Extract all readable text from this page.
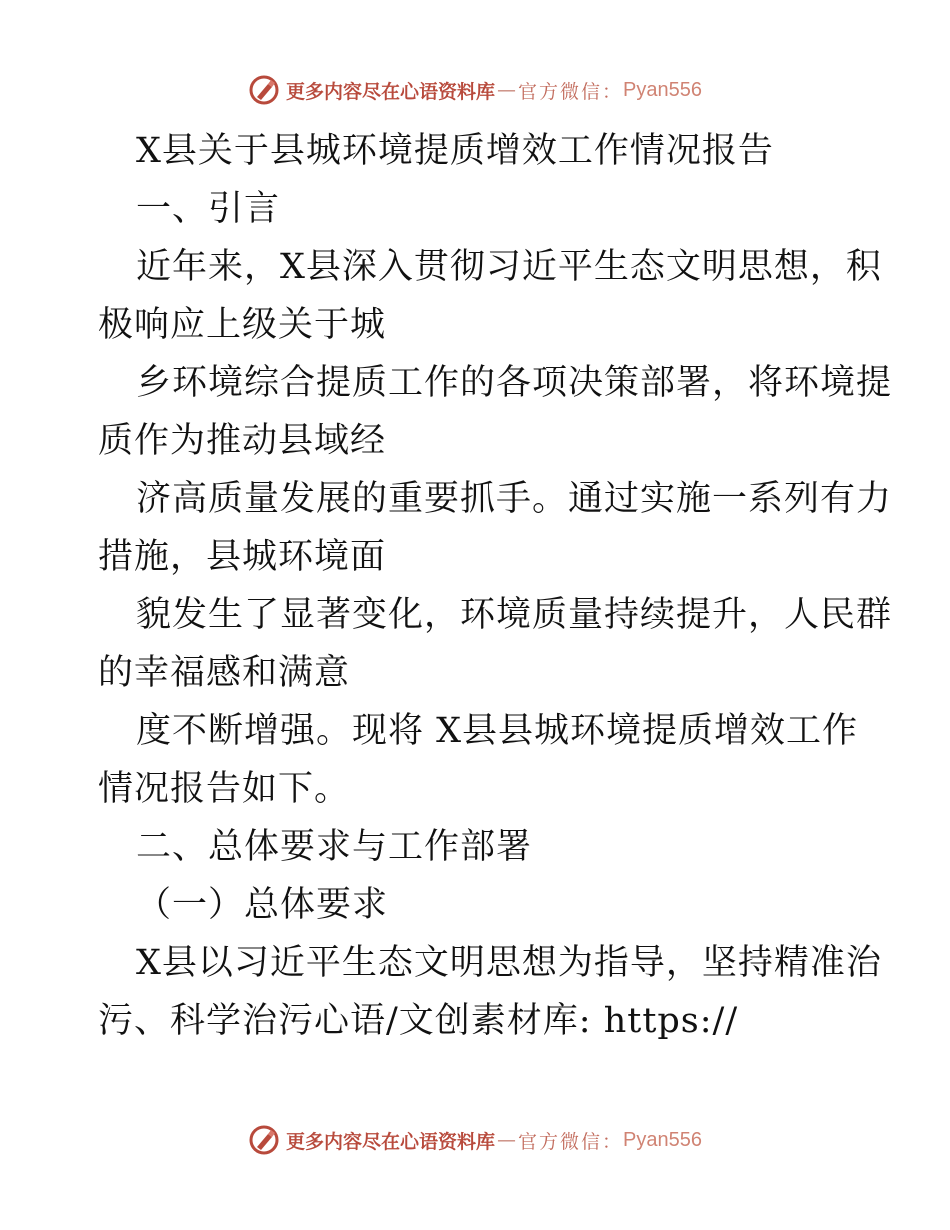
更多内容尽在心语资料库 — 官方微信： Pyan556
X县关于县城环境提质增效工作情况报告
一、引言
近年来，X县深入贯彻习近平生态文明思想，积
极响应上级关于城
乡环境综合提质工作的各项决策部署，将环境提
质作为推动县域经
济高质量发展的重要抓手。通过实施一系列有力
措施，县城环境面
貌发生了显著变化，环境质量持续提升，人民群
的幸福感和满意
度不断增强。现将 X县县城环境提质增效工作
情况报告如下。
二、总体要求与工作部署
（一）总体要求
X县以习近平生态文明思想为指导，坚持精准治
污、科学治污心语/文创素材库: https://
更多内容尽在心语资料库 — 官方微信： Pyan556
